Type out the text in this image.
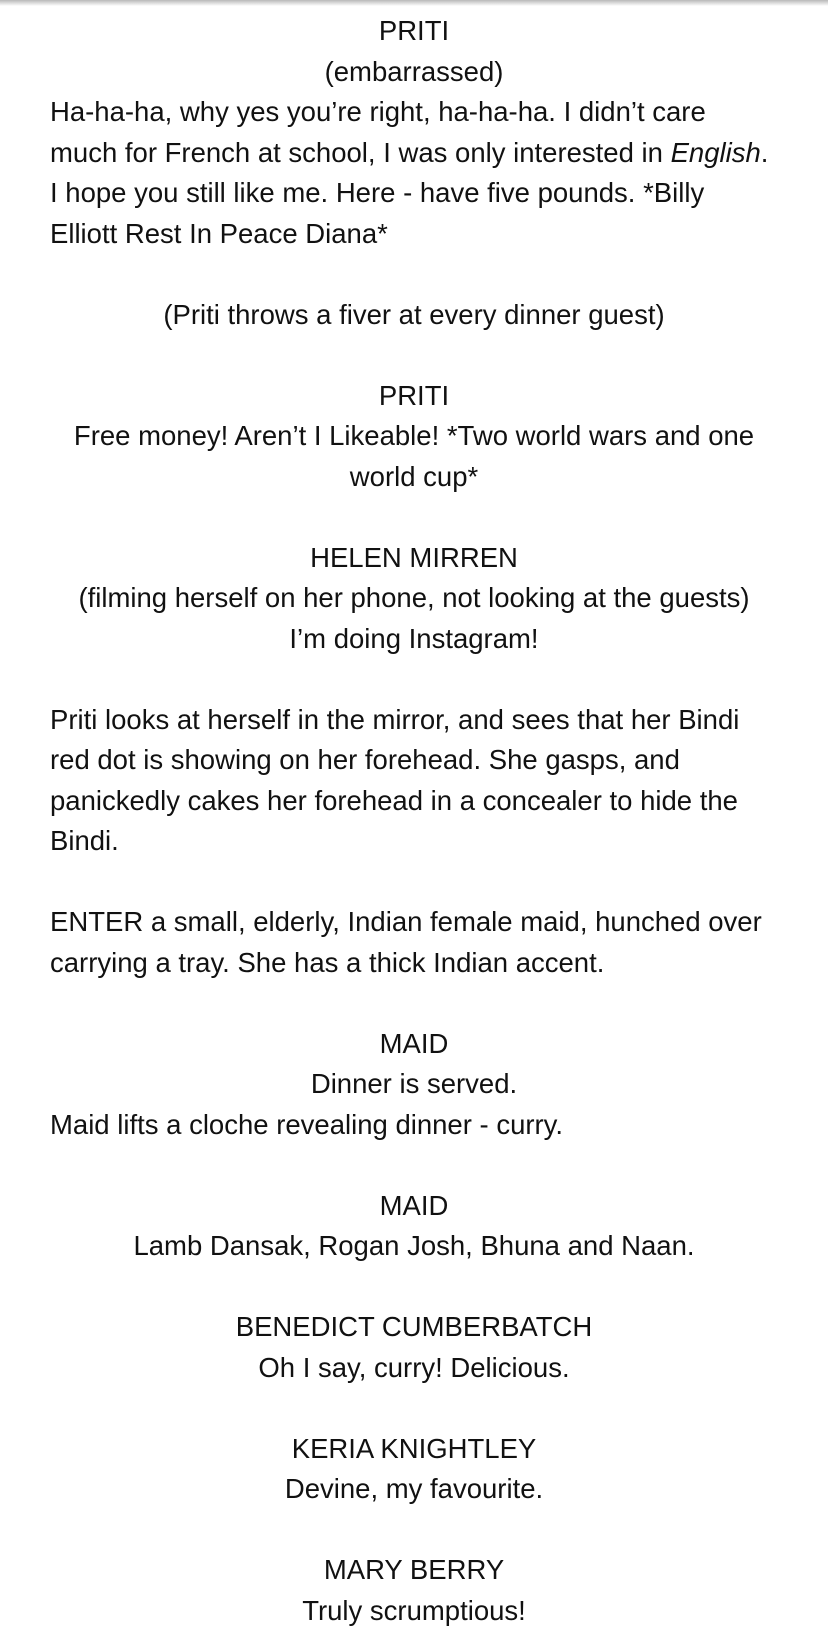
PRITI

(embarrassed)

Ha-ha-ha, why yes you’re right, ha-ha-ha. I didn’t care much for French at school, I was only interested in English. I hope you still like me. Here - have five pounds. *Billy Elliott Rest In Peace Diana*

(Priti throws a fiver at every dinner guest)

PRITI

Free money! Aren’t I Likeable! *Two world wars and one world cup*

HELEN MIRREN

(filming herself on her phone, not looking at the guests)

I’m doing Instagram!

Priti looks at herself in the mirror, and sees that her Bindi red dot is showing on her forehead. She gasps, and panickedly cakes her forehead in a concealer to hide the Bindi.

ENTER a small, elderly, Indian female maid, hunched over carrying a tray. She has a thick Indian accent.

MAID

Dinner is served.

Maid lifts a cloche revealing dinner - curry.

MAID

Lamb Dansak, Rogan Josh, Bhuna and Naan.

BENEDICT CUMBERBATCH

Oh I say, curry! Delicious.

KERIA KNIGHTLEY

Devine, my favourite.

MARY BERRY

Truly scrumptious!
